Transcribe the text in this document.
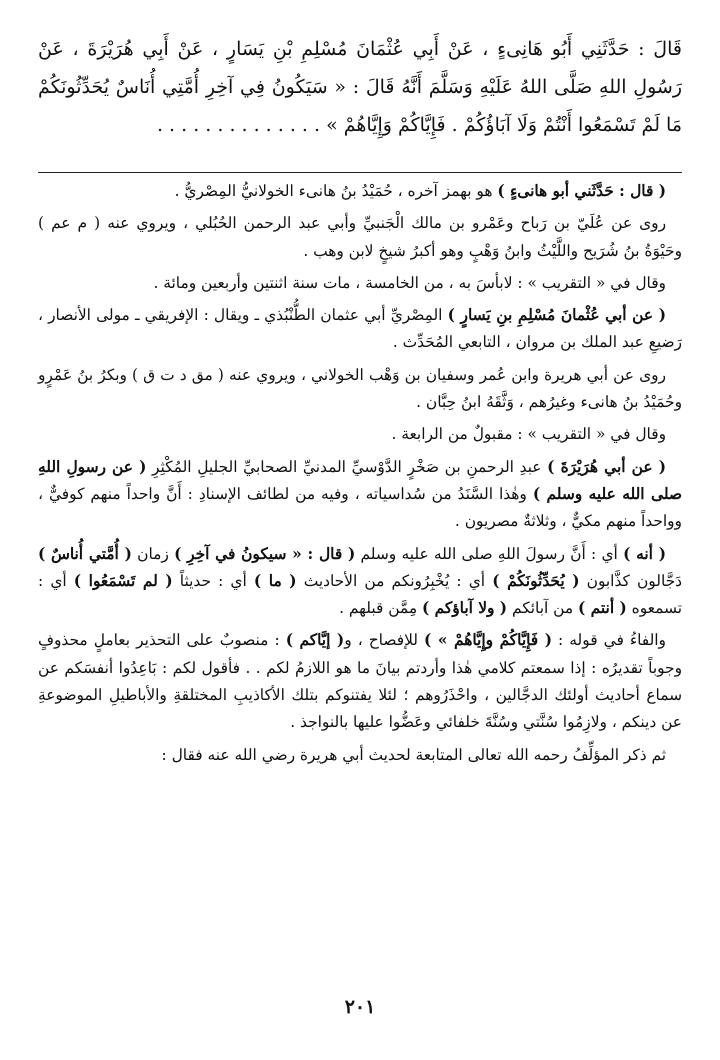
قَالَ : حَدَّثَنِي أَبُو هَانِىءٍ ، عَنْ أَبِي عُثْمَانَ مُسْلِمِ بْنِ يَسَارٍ ، عَنْ أَبِي هُرَيْرَةَ ، عَنْ رَسُولِ اللهِ صَلَّى اللهُ عَلَيْهِ وَسَلَّمَ أَنَّهُ قَالَ : « سَيَكُونُ فِي آخِرِ أُمَّتِي أُنَاسٌ يُحَدِّثُونَكُمْ مَا لَمْ تَسْمَعُوا أَنْتُمْ وَلَا آبَاؤُكُمْ . فَإِيَّاكُمْ وَإِيَّاهُمْ » . . . . . . . . . . . . . .

( قال : حَدَّثَني أبو هانىءٍ ) هو بهمز آخره ، حُمَيْدُ بنُ هانىء الخولانيُّ المِصْريُّ .

روى عن عُلَيّ بن رَباح وعَمْرو بن مالك الْجَنبيِّ وأبي عبد الرحمن الحُبُلي ، ويروي عنه ( م عم ) وحَيْوَةُ بنُ شُرَيح واللَّيْثُ وابنُ وَهْبٍ وهو أكبرُ شيخٍ لابن وهب .

وقال في « التقريب » : لابأسَ به ، من الخامسة ، مات سنة اثنتين وأربعين ومائة .

( عن أبي عُثْمانَ مُسْلِمِ بنِ يَسارٍ ) المِصْريِّ أبي عثمان الطُّنْبُذي ـ ويقال : الإفريقي ـ مولى الأنصار ، رَضيعِ عبد الملك بن مروان ، التابعي المُحَدِّث .

روى عن أبي هريرة وابن عُمر وسفيان بن وَهْب الخولاني ، ويروي عنه ( مق د ت ق ) وبكرُ بنُ عَمْرٍو وحُمَيْدُ بنُ هانىء وغيرُهم ، وَثَّقَهُ ابنُ حِبَّان .

وقال في « التقريب » : مقبولٌ من الرابعة .

( عن أبي هُرَيْرَةَ ) عبدِ الرحمنِ بن صَخْرٍ الدَّوْسيِّ المدنيِّ الصحابيِّ الجليلِ المُكْثِرِ ( عن رسولِ اللهِ صلى الله عليه وسلم ) وهٰذا السَّنَدُ من سُداسياته ، وفيه من لطائف الإسنادِ : أَنَّ واحداً منهم كوفيٌّ ، وواحداً منهم مكيٌّ ، وثلاثةٌ مصريون .

( أنه ) أي : أَنَّ رسولَ اللهِ صلى الله عليه وسلم ( قال : « سيكونُ في آخِرِ ) زمان ( أُمَّتي أُناسٌ ) دَجَّالون كذَّابون ( يُحَدِّثُونَكُمْ ) أي : يُخْبِرُونكم من الأحاديث ( ما ) أي : حديثاً ( لم تَسْمَعُوا ) أي : تسمعوه ( أنتم ) من آبائكم ( ولا آباؤكم ) مِمَّن قبلهم .

والفاءُ في قوله : ( فَإِيَّاكُمْ وإِيَّاهُمْ » ) للإفصاح ، و( إيَّاكم ) : منصوبٌ على التحذير بعاملٍ محذوفٍ وجوباً تقديرُه : إذا سمعتم كلامي هٰذا وأردتم بيانَ ما هو اللازمُ لكم . . فأقول لكم : بَاعِدُوا أنفسَكم عن سماع أحاديث أولئك الدجَّالين ، واحْذَرُوهم ؛ لئلا يفتنوكم بتلك الأكاذيبِ المختلقةِ والأباطيلِ الموضوعةِ عن دينكم ، ولازِمُوا سُنَّتي وسُنَّةَ خلفائي وعَضُّوا عليها بالنواجذ .

ثم ذكر المؤلِّفُ رحمه الله تعالى المتابعة لحديث أبي هريرة رضي الله عنه فقال :

٢٠١
